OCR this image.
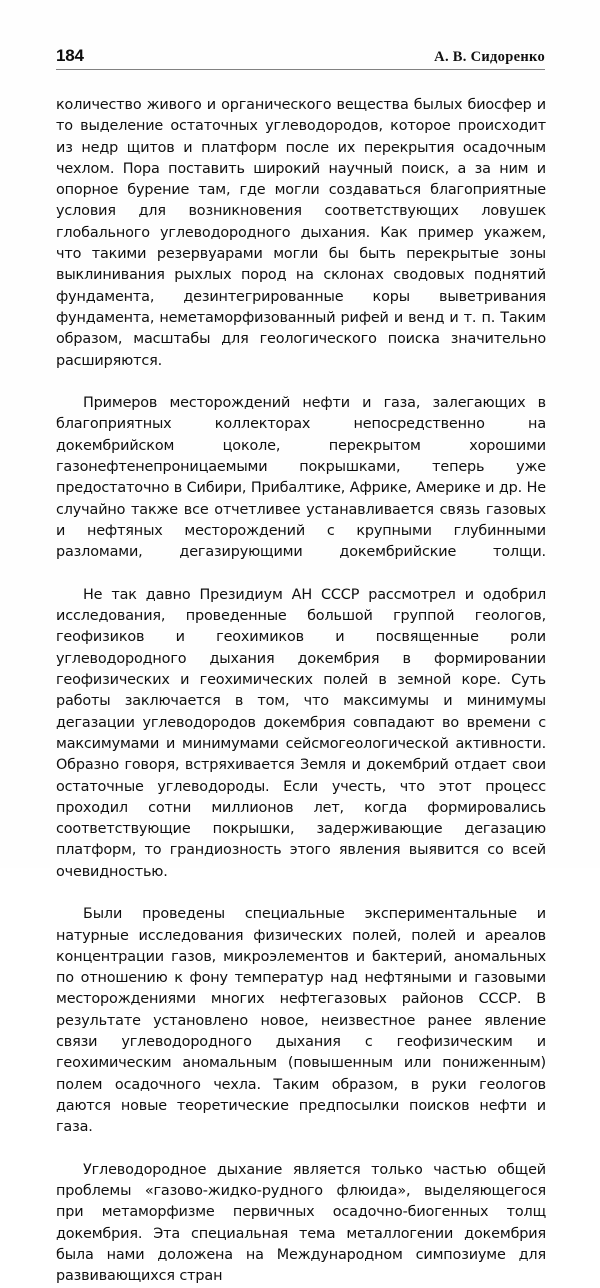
184	А. В. Сидоренко

количество живого и органического вещества былых биосфер и то выделение остаточных углеводородов, которое происходит из недр щитов и платформ после их перекрытия осадочным чехлом. Пора поставить широкий научный поиск, а за ним и опорное бурение там, где могли создаваться благоприятные условия для возникновения соответствующих ловушек глобального углеводородного дыхания. Как пример укажем, что такими резервуарами могли бы быть перекрытые зоны выклинивания рыхлых пород на склонах сводовых поднятий фундамента, дезинтегрированные коры выветривания фундамента, неметаморфизованный рифей и венд и т. п. Таким образом, масштабы для геологического поиска значительно расширяются.

Примеров месторождений нефти и газа, залегающих в благоприятных коллекторах непосредственно на докембрийском цоколе, перекрытом хорошими газонефтенепроницаемыми покрышками, теперь уже предостаточно в Сибири, Прибалтике, Африке, Америке и др. Не случайно также все отчетливее устанавливается связь газовых и нефтяных месторождений с крупными глубинными разломами, дегазирующими докембрийские толщи.

Не так давно Президиум АН СССР рассмотрел и одобрил исследования, проведенные большой группой геологов, геофизиков и геохимиков и посвященные роли углеводородного дыхания докембрия в формировании геофизических и геохимических полей в земной коре. Суть работы заключается в том, что максимумы и минимумы дегазации углеводородов докембрия совпадают во времени с максимумами и минимумами сейсмогеологической активности. Образно говоря, встряхивается Земля и докембрий отдает свои остаточные углеводороды. Если учесть, что этот процесс проходил сотни миллионов лет, когда формировались соответствующие покрышки, задерживающие дегазацию платформ, то грандиозность этого явления выявится со всей очевидностью.

Были проведены специальные экспериментальные и натурные исследования физических полей, полей и ареалов концентрации газов, микроэлементов и бактерий, аномальных по отношению к фону температур над нефтяными и газовыми месторождениями многих нефтегазовых районов СССР. В результате установлено новое, неизвестное ранее явление связи углеводородного дыхания с геофизическим и геохимическим аномальным (повышенным или пониженным) полем осадочного чехла. Таким образом, в руки геологов даются новые теоретические предпосылки поисков нефти и газа.

Углеводородное дыхание является только частью общей проблемы «газово-жидко-рудного флюида», выделяющегося при метаморфизме первичных осадочно-биогенных толщ докембрия. Эта специальная тема металлогении докембрия была нами доложена на Международном симпозиуме для развивающихся стран
